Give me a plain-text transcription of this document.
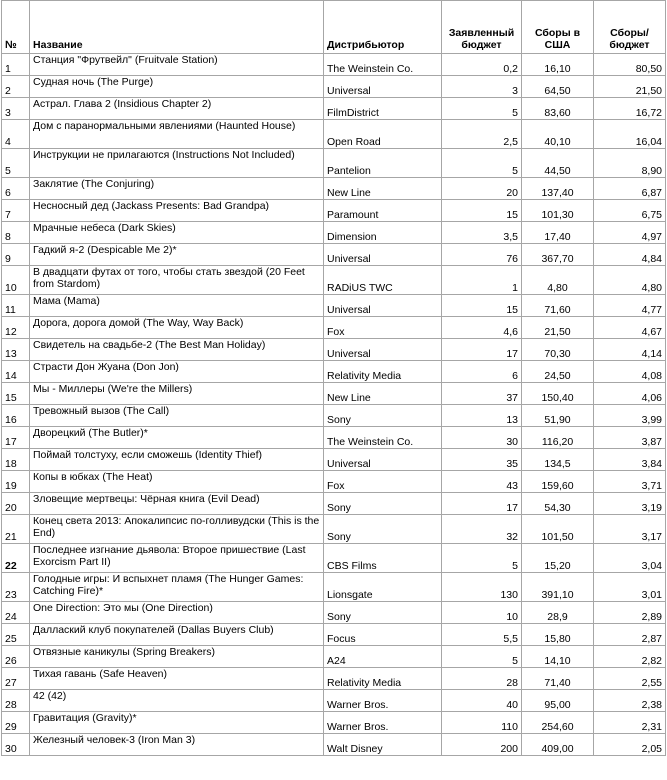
№	Название	Дистрибьютор	Заявленный бюджет	Сборы в США	Сборы/ бюджет
1	Станция "Фрутвейл" (Fruitvale Station)	The Weinstein Co.	0,2	16,10	80,50
2	Судная ночь (The Purge)	Universal	3	64,50	21,50
3	Астрал. Глава 2 (Insidious Chapter 2)	FilmDistrict	5	83,60	16,72
4	Дом с паранормальными явлениями (Haunted House)	Open Road	2,5	40,10	16,04
5	Инструкции не прилагаются (Instructions Not Included)	Pantelion	5	44,50	8,90
6	Заклятие (The Conjuring)	New Line	20	137,40	6,87
7	Несносный дед (Jackass Presents: Bad Grandpa)	Paramount	15	101,30	6,75
8	Мрачные небеса (Dark Skies)	Dimension	3,5	17,40	4,97
9	Гадкий я-2 (Despicable Me 2)*	Universal	76	367,70	4,84
10	В двадцати футах от того, чтобы стать звездой (20 Feet from Stardom)	RADiUS TWC	1	4,80	4,80
11	Мама (Mama)	Universal	15	71,60	4,77
12	Дорога, дорога домой (The Way, Way Back)	Fox	4,6	21,50	4,67
13	Свидетель на свадьбе-2 (The Best Man Holiday)	Universal	17	70,30	4,14
14	Страсти Дон Жуана (Don Jon)	Relativity Media	6	24,50	4,08
15	Мы - Миллеры (We're the Millers)	New Line	37	150,40	4,06
16	Тревожный вызов (The Call)	Sony	13	51,90	3,99
17	Дворецкий (The Butler)*	The Weinstein Co.	30	116,20	3,87
18	Поймай толстуху, если сможешь (Identity Thief)	Universal	35	134,5	3,84
19	Копы в юбках (The Heat)	Fox	43	159,60	3,71
20	Зловещие мертвецы: Чёрная книга (Evil Dead)	Sony	17	54,30	3,19
21	Конец света 2013: Апокалипсис по-голливудски (This is the End)	Sony	32	101,50	3,17
22	Последнее изгнание дьявола: Второе пришествие (Last Exorcism Part II)	CBS Films	5	15,20	3,04
23	Голодные игры: И вспыхнет пламя (The Hunger Games: Catching Fire)*	Lionsgate	130	391,10	3,01
24	One Direction: Это мы (One Direction)	Sony	10	28,9	2,89
25	Даллаский клуб покупателей (Dallas Buyers Club)	Focus	5,5	15,80	2,87
26	Отвязные каникулы (Spring Breakers)	A24	5	14,10	2,82
27	Тихая гавань (Safe Heaven)	Relativity Media	28	71,40	2,55
28	42 (42)	Warner Bros.	40	95,00	2,38
29	Гравитация (Gravity)*	Warner Bros.	110	254,60	2,31
30	Железный человек-3 (Iron Man 3)	Walt Disney	200	409,00	2,05
